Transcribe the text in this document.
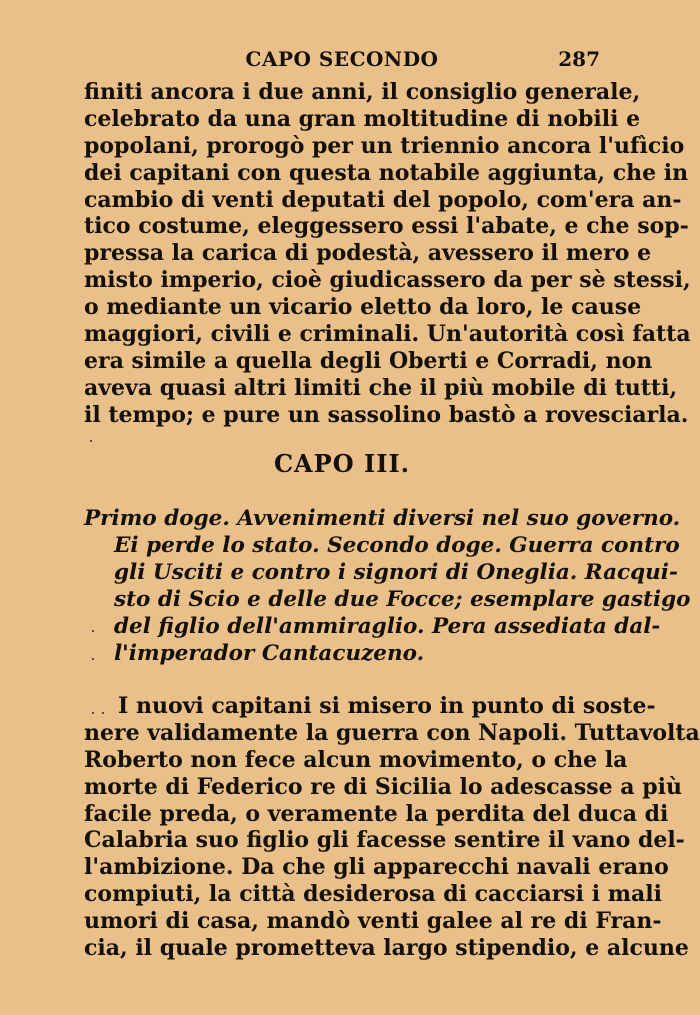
CAPO SECONDO	287
finiti ancora i due anni, il consiglio generale,
celebrato da una gran moltitudine di nobili e
popolani, prorogò per un triennio ancora l'ufìcio
dei capitani con questa notabile aggiunta, che in
cambio di venti deputati del popolo, com'era an-
tico costume, eleggessero essi l'abate, e che sop-
pressa la carica di podestà, avessero il mero e
misto imperio, cioè giudicassero da per sè stessi,
o mediante un vicario eletto da loro, le cause
maggiori, civili e criminali. Un'autorità così fatta
era simile a quella degli Oberti e Corradi, non
aveva quasi altri limiti che il più mobile di tutti,
il tempo; e pure un sassolino bastò a rovesciarla.
CAPO III.
Primo doge. Avvenimenti diversi nel suo governo.
Ei perde lo stato. Secondo doge. Guerra contro
gli Usciti e contro i signori di Oneglia. Racqui-
sto di Scio e delle due Focce; esemplare gastigo
del figlio dell'ammiraglio. Pera assediata dal-
l'imperador Cantacuzeno.
I nuovi capitani si misero in punto di soste-
nere validamente la guerra con Napoli. Tuttavolta
Roberto non fece alcun movimento, o che la
morte di Federico re di Sicilia lo adescasse a più
facile preda, o veramente la perdita del duca di
Calabria suo figlio gli facesse sentire il vano del-
l'ambizione. Da che gli apparecchi navali erano
compiuti, la città desiderosa di cacciarsi i mali
umori di casa, mandò venti galee al re di Fran-
cia, il quale prometteva largo stipendio, e alcune
